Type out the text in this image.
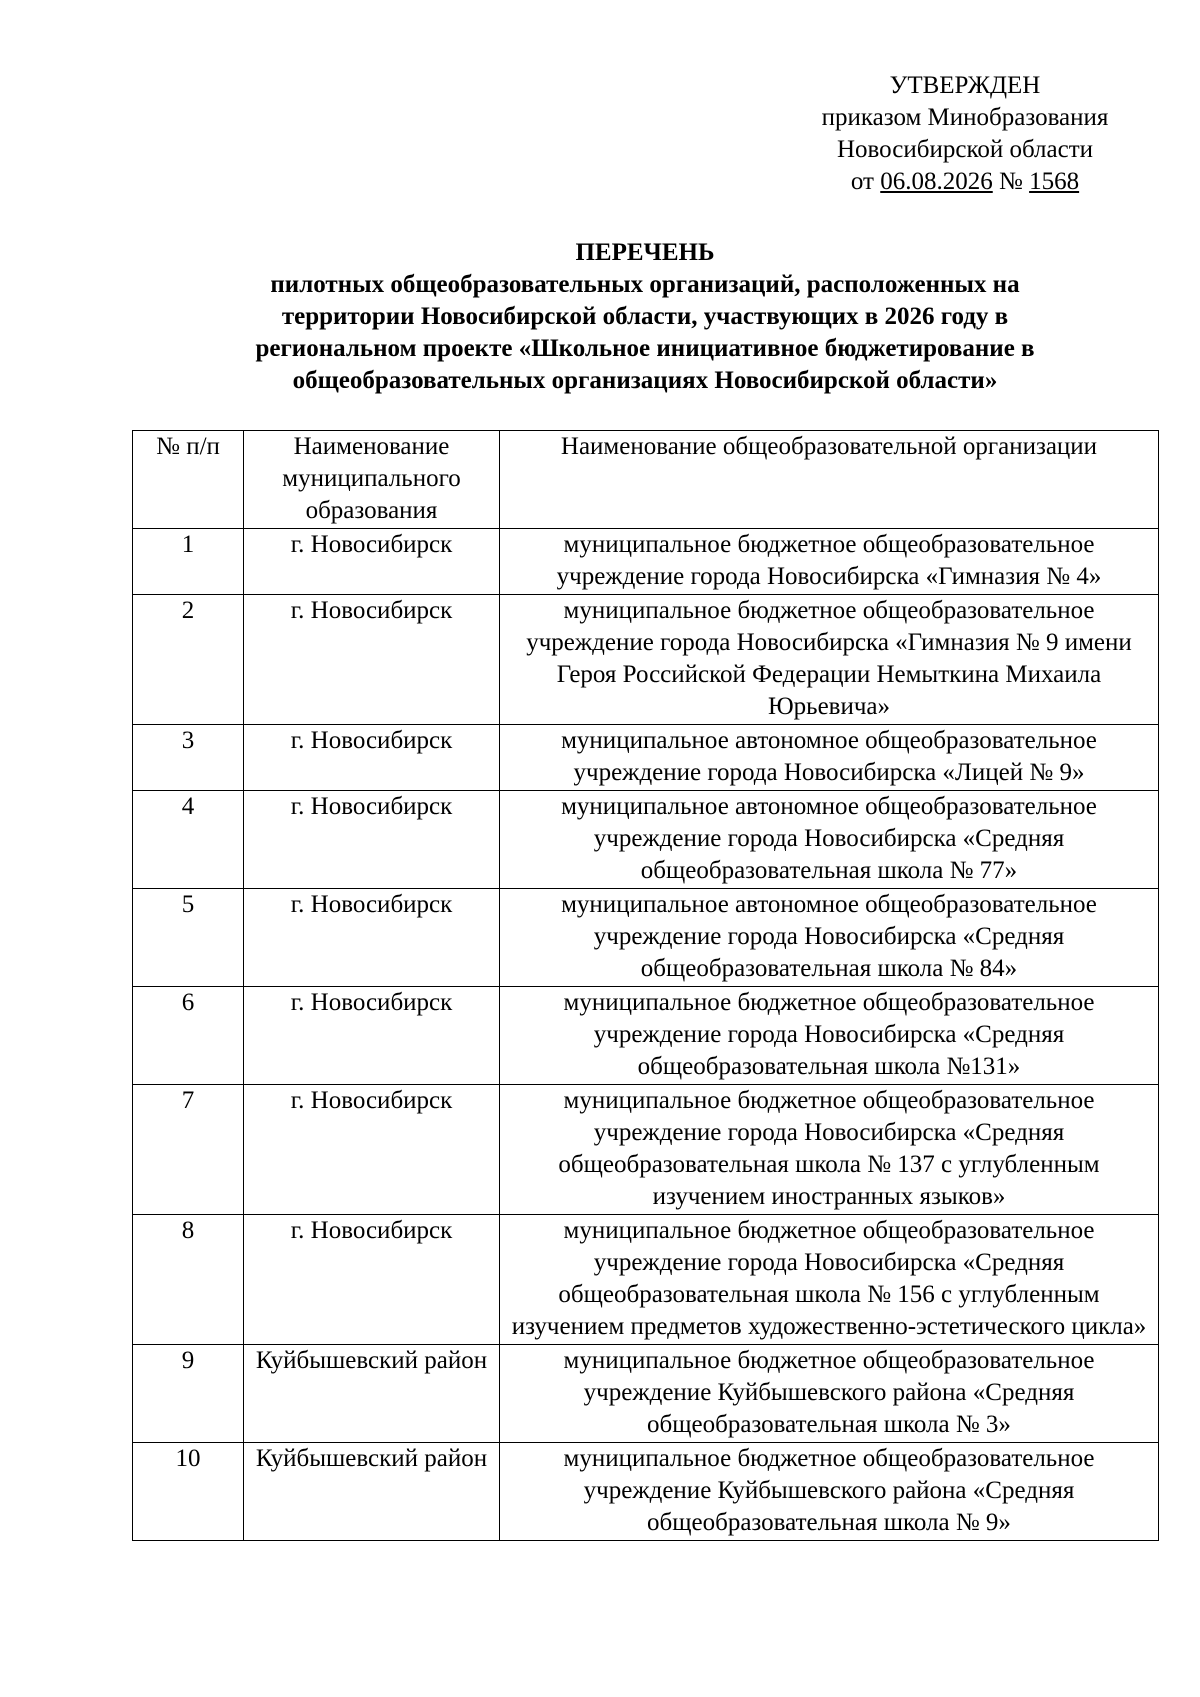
УТВЕРЖДЕН
приказом Минобразования
Новосибирской области
от 06.08.2026 № 1568
ПЕРЕЧЕНЬ
пилотных общеобразовательных организаций, расположенных на
территории Новосибирской области, участвующих в 2026 году в
региональном проекте «Школьное инициативное бюджетирование в
общеобразовательных организациях Новосибирской области»
№ п/п	Наименование муниципального образования	Наименование общеобразовательной организации
1	г. Новосибирск	муниципальное бюджетное общеобразовательное учреждение города Новосибирска «Гимназия № 4»
2	г. Новосибирск	муниципальное бюджетное общеобразовательное учреждение города Новосибирска «Гимназия № 9 имени Героя Российской Федерации Немыткина Михаила Юрьевича»
3	г. Новосибирск	муниципальное автономное общеобразовательное учреждение города Новосибирска «Лицей № 9»
4	г. Новосибирск	муниципальное автономное общеобразовательное учреждение города Новосибирска «Средняя общеобразовательная школа № 77»
5	г. Новосибирск	муниципальное автономное общеобразовательное учреждение города Новосибирска «Средняя общеобразовательная школа № 84»
6	г. Новосибирск	муниципальное бюджетное общеобразовательное учреждение города Новосибирска «Средняя общеобразовательная школа №131»
7	г. Новосибирск	муниципальное бюджетное общеобразовательное учреждение города Новосибирска «Средняя общеобразовательная школа № 137 с углубленным изучением иностранных языков»
8	г. Новосибирск	муниципальное бюджетное общеобразовательное учреждение города Новосибирска «Средняя общеобразовательная школа № 156 с углубленным изучением предметов художественно-эстетического цикла»
9	Куйбышевский район	муниципальное бюджетное общеобразовательное учреждение Куйбышевского района «Средняя общеобразовательная школа № 3»
10	Куйбышевский район	муниципальное бюджетное общеобразовательное учреждение Куйбышевского района «Средняя общеобразовательная школа № 9»
